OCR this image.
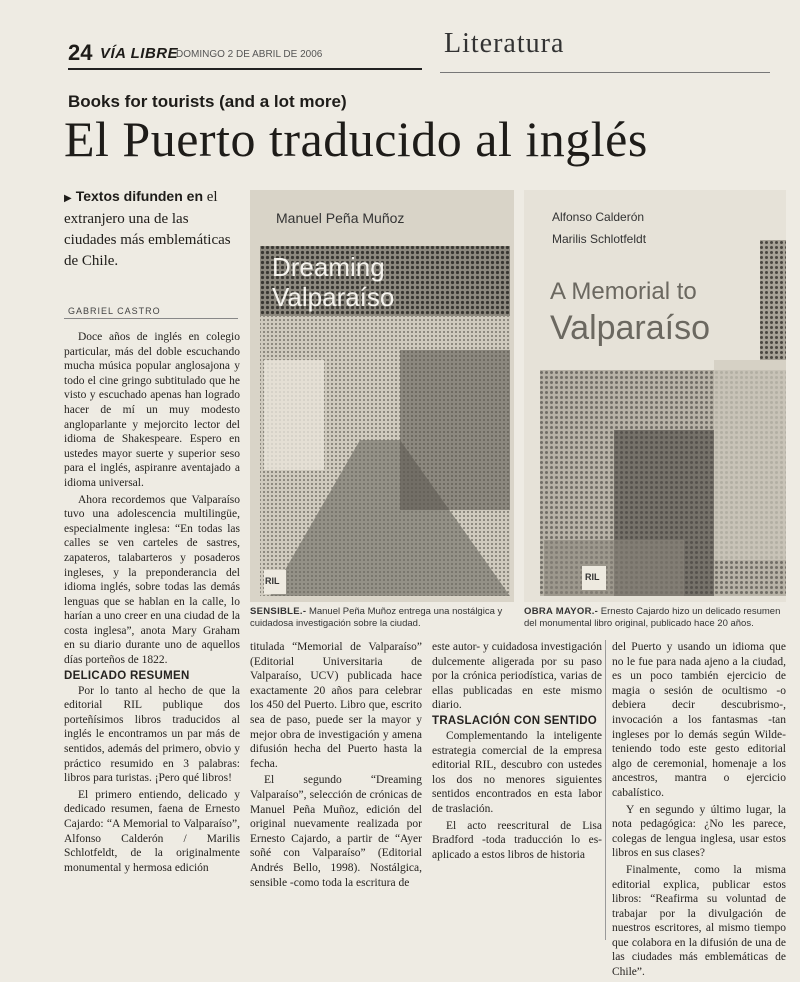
24 VÍA LIBRE
DOMINGO 2 DE ABRIL DE 2006	Literatura
Books for tourists (and a lot more)
El Puerto traducido al inglés
▶ Textos difunden en el extranjero una de las ciudades más emblemáticas de Chile.
GABRIEL CASTRO

Doce años de inglés en colegio particular, más del doble escuchando mucha música popular anglosajona y todo el cine gringo subtitulado que he visto y escuchado apenas han logrado hacer de mí un muy modesto angloparlante y mejorcito lector del idioma de Shakespeare. Espero en ustedes mayor suerte y superior seso para el inglés, aspiranre aventajado a idioma universal.

Ahora recordemos que Valparaíso tuvo una adolescencia multilingüe, especialmente inglesa: “En todas las calles se ven carteles de sastres, zapateros, talabarteros y posaderos ingleses, y la preponderancia del idioma inglés, sobre todas las demás lenguas que se hablan en la calle, lo harían a uno creer en una ciudad de la costa inglesa”, anota Mary Graham en su diario durante uno de aquellos días porteños de 1822.

DELICADO RESUMEN

Por lo tanto al hecho de que la editorial RIL publique dos porteñísimos libros traducidos al inglés le encontramos un par más de sentidos, además del primero, obvio y práctico resumido en 3 palabras: libros para turistas. ¡Pero qué libros!

El primero entiendo, delicado y dedicado resumen, faena de Ernesto Cajardo: “A Memorial to Valparaíso”, Alfonso Calderón / Marilis Schlotfeldt, de la originalmente monumental y hermosa edición

Manuel Peña Muñoz
Dreaming
Valparaíso
RIL
SENSIBLE.- Manuel Peña Muñoz entrega una nostálgica y cuidadosa investigación sobre la ciudad.
Alfonso Calderón
Marilis Schlotfeldt
A Memorial to
Valparaíso
RIL
OBRA MAYOR.- Ernesto Cajardo hizo un delicado resumen del monumental libro original, publicado hace 20 años.

titulada “Memorial de Valparaíso” (Editorial Universitaria de Valparaíso, UCV) publicada hace exactamente 20 años para celebrar los 450 del Puerto. Libro que, escrito sea de paso, puede ser la mayor y mejor obra de investigación y amena difusión hecha del Puerto hasta la fecha.

El segundo “Dreaming Valparaíso”, selección de crónicas de Manuel Peña Muñoz, edición del original nuevamente realizada por Ernesto Cajardo, a partir de “Ayer soñé con Valparaíso” (Editorial Andrés Bello, 1998). Nostálgica, sensible -como toda la escritura de

este autor- y cuidadosa investigación dulcemente aligerada por su paso por la crónica periodística, varias de ellas publicadas en este mismo diario.

TRASLACIÓN CON SENTIDO

Complementando la inteligente estrategia comercial de la empresa editorial RIL, descubro con ustedes los dos no menores siguientes sentidos encontrados en esta labor de traslación.

El acto reescritural de Lisa Bradford -toda traducción lo es- aplicado a estos libros de historia

del Puerto y usando un idioma que no le fue para nada ajeno a la ciudad, es un poco también ejercicio de magia o sesión de ocultismo -o debiera decir descubrismo-, invocación a los fantasmas -tan ingleses por lo demás según Wilde- teniendo todo este gesto editorial algo de ceremonial, homenaje a los ancestros, mantra o ejercicio cabalístico.

Y en segundo y último lugar, la nota pedagógica: ¿No les parece, colegas de lengua inglesa, usar estos libros en sus clases?

Finalmente, como la misma editorial explica, publicar estos libros: “Reafirma su voluntad de trabajar por la divulgación de nuestros escritores, al mismo tiempo que colabora en la difusión de una de las ciudades más emblemáticas de Chile”.
